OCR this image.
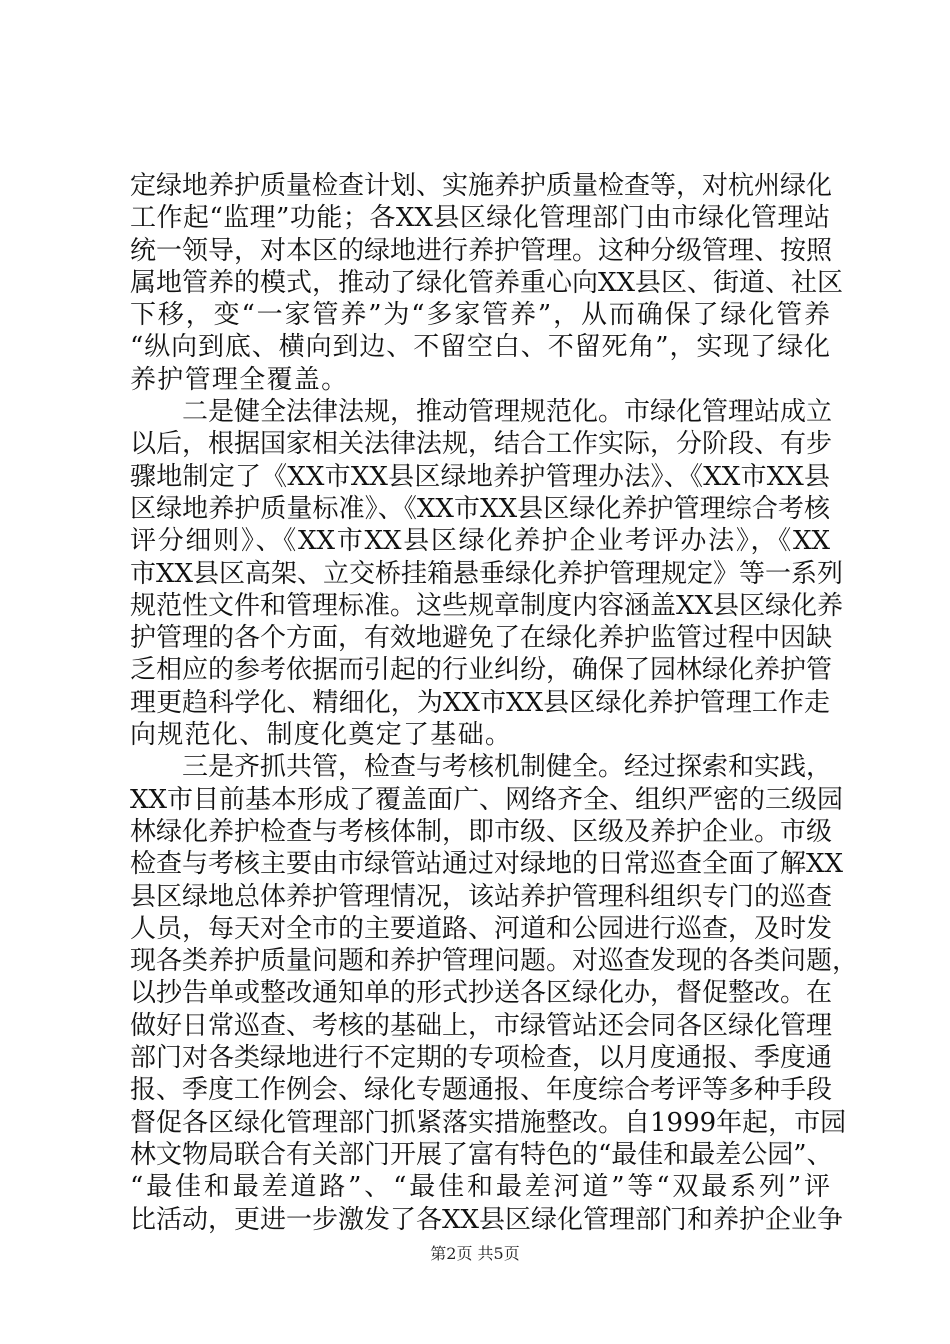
定绿地养护质量检查计划、实施养护质量检查等，对杭州绿化
工作起“监理”功能；各XX县区绿化管理部门由市绿化管理站
统一领导，对本区的绿地进行养护管理。这种分级管理、按照
属地管养的模式，推动了绿化管养重心向XX县区、街道、社区
下移，变“一家管养”为“多家管养”，从而确保了绿化管养
“纵向到底、横向到边、不留空白、不留死角”，实现了绿化
养护管理全覆盖。
二是健全法律法规，推动管理规范化。市绿化管理站成立
以后，根据国家相关法律法规，结合工作实际，分阶段、有步
骤地制定了《XX市XX县区绿地养护管理办法》、《XX市XX县
区绿地养护质量标准》、《XX市XX县区绿化养护管理综合考核
评分细则》、《XX市XX县区绿化养护企业考评办法》，《XX
市XX县区高架、立交桥挂箱悬垂绿化养护管理规定》等一系列
规范性文件和管理标准。这些规章制度内容涵盖XX县区绿化养
护管理的各个方面，有效地避免了在绿化养护监管过程中因缺
乏相应的参考依据而引起的行业纠纷，确保了园林绿化养护管
理更趋科学化、精细化，为XX市XX县区绿化养护管理工作走
向规范化、制度化奠定了基础。
三是齐抓共管，检查与考核机制健全。经过探索和实践，
XX市目前基本形成了覆盖面广、网络齐全、组织严密的三级园
林绿化养护检查与考核体制，即市级、区级及养护企业。市级
检查与考核主要由市绿管站通过对绿地的日常巡查全面了解XX
县区绿地总体养护管理情况，该站养护管理科组织专门的巡查
人员，每天对全市的主要道路、河道和公园进行巡查，及时发
现各类养护质量问题和养护管理问题。对巡查发现的各类问题，
以抄告单或整改通知单的形式抄送各区绿化办，督促整改。在
做好日常巡查、考核的基础上，市绿管站还会同各区绿化管理
部门对各类绿地进行不定期的专项检查，以月度通报、季度通
报、季度工作例会、绿化专题通报、年度综合考评等多种手段
督促各区绿化管理部门抓紧落实措施整改。自1999年起，市园
林文物局联合有关部门开展了富有特色的“最佳和最差公园”、
“最佳和最差道路”、“最佳和最差河道”等“双最系列”评
比活动，更进一步激发了各XX县区绿化管理部门和养护企业争
第2页 共5页
